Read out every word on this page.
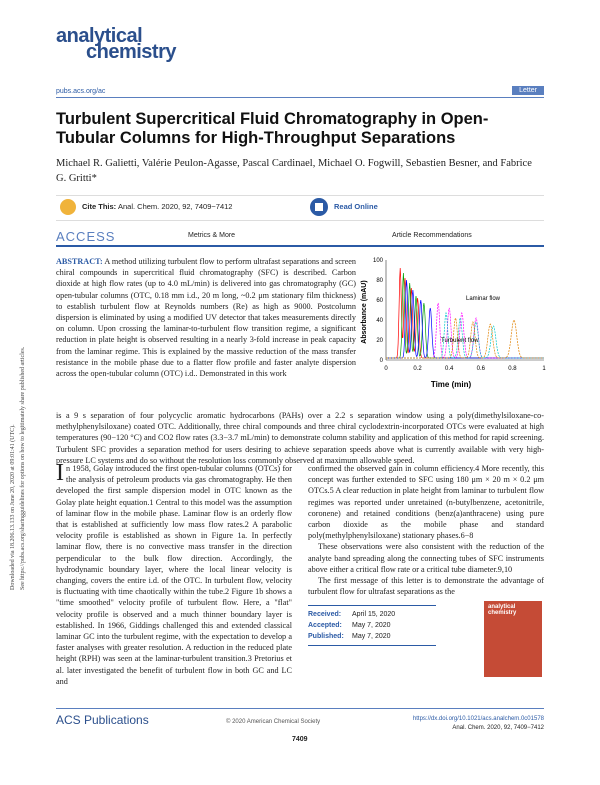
analytical
chemistry
pubs.acs.org/ac	Letter
Turbulent Supercritical Fluid Chromatography in Open-Tubular Columns for High-Throughput Separations
Michael R. Galietti, Valérie Peulon-Agasse, Pascal Cardinael, Michael O. Fogwill, Sebastien Besner, and Fabrice G. Gritti*
Cite This: Anal. Chem. 2020, 92, 7409−7412	Read Online
ACCESS	Metrics & More	Article Recommendations

ABSTRACT: A method utilizing turbulent flow to perform ultrafast separations and screen chiral compounds in supercritical fluid chromatography (SFC) is described. Carbon dioxide at high flow rates (up to 4.0 mL/min) is delivered into gas chromatography (GC) open-tubular columns (OTC, 0.18 mm i.d., 20 m long, ~0.2 μm stationary film thickness) to establish turbulent flow at Reynolds numbers (Re) as high as 9000. Postcolumn dispersion is eliminated by using a modified UV detector that takes measurements directly on column. Upon crossing the laminar-to-turbulent flow transition regime, a significant reduction in plate height is observed resulting in a nearly 3-fold increase in peak capacity from the laminar regime. This is explained by the massive reduction of the mass transfer resistance in the mobile phase due to a flatter flow profile and faster analyte dispersion across the open-tubular column (OTC) i.d.. Demonstrated in this work

is a 9 s separation of four polycyclic aromatic hydrocarbons (PAHs) over a 2.2 s separation window using a poly(dimethylsiloxane-co-methylphenylsiloxane) coated OTC. Additionally, three chiral compounds and three chiral cyclodextrin-incorporated OTCs were evaluated at high temperatures (90−120 °C) and CO2 flow rates (3.3−3.7 mL/min) to demonstrate column stability and application of this method for rapid screening. Turbulent SFC provides a separation method for users desiring to achieve separation speeds above what is currently available with very high-pressure LC systems and do so without the resolution loss commonly observed at maximum allowable speed.

0	0.2	0.4	0.6	0.8	1
0
20
40
60
80
100
Turbulent flow
Laminar flow
Time (min)
Absorbance (mAU)
Downloaded via 18.206.13.133 on June 20, 2020 at 09:01:41 (UTC). See https://pubs.acs.org/sharingguidelines for options on how to legitimately share published articles. I n 1958, Golay introduced the first open-tubular columns (OTCs) for the analysis of petroleum products via gas chromatography. He then developed the first sample dispersion model in OTC known as the Golay plate height equation.1 Central to this model was the assumption of laminar flow in the mobile phase. Laminar flow is an orderly flow that is established at sufficiently low mass flow rates.2 A parabolic velocity profile is established as shown in Figure 1a. In perfectly laminar flow, there is no convective mass transfer in the direction perpendicular to the bulk flow direction. Accordingly, the hydrodynamic boundary layer, where the local linear velocity is changing, covers the entire i.d. of the OTC. In turbulent flow, velocity is fluctuating with time chaotically within the tube.2 Figure 1b shows a "time smoothed" velocity profile of turbulent flow. Here, a "flat" velocity profile is observed and a much thinner boundary layer is established. In 1966, Giddings challenged this and extended classical laminar GC into the turbulent regime, with the expectation to develop a faster analyses with greater resolution. A reduction in the reduced plate height (RPH) was seen at the laminar-turbulent transition.3 Pretorius et al. later investigated the benefit of turbulent flow in both GC and LC and

confirmed the observed gain in column efficiency.4 More recently, this concept was further extended to SFC using 180 μm × 20 m × 0.2 μm OTCs.5 A clear reduction in plate height from laminar to turbulent flow regimes was reported under unretained (n-butylbenzene, acetonitrile, coronene) and retained conditions (benz(a)anthracene) using pure carbon dioxide as the mobile phase and standard poly(methylphenylsiloxane) stationary phases.6−8

These observations were also consistent with the reduction of the analyte band spreading along the connecting tubes of SFC instruments above either a critical flow rate or a critical tube diameter.9,10

The first message of this letter is to demonstrate the advantage of turbulent flow for ultrafast separations as the

Received: April 15, 2020
Accepted: May 7, 2020
Published: May 7, 2020
analytical chemistry
ACS Publications	© 2020 American Chemical Society
7409
https://dx.doi.org/10.1021/acs.analchem.0c01578
Anal. Chem. 2020, 92, 7409−7412
